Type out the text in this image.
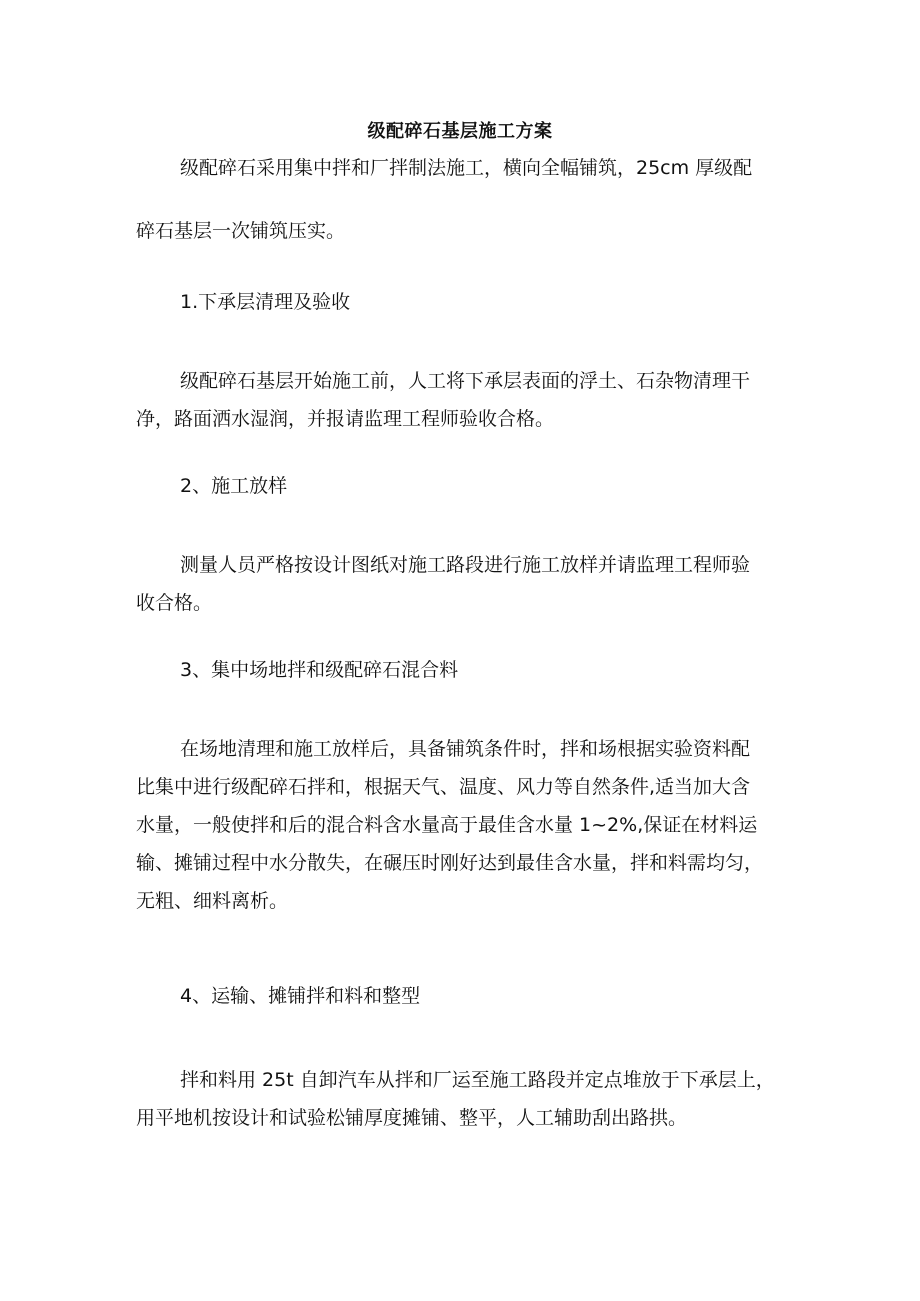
级配碎石基层施工方案
级配碎石采用集中拌和厂拌制法施工，横向全幅铺筑，25cm 厚级配
碎石基层一次铺筑压实。
1.下承层清理及验收
级配碎石基层开始施工前，人工将下承层表面的浮土、石杂物清理干
净，路面洒水湿润，并报请监理工程师验收合格。
2、施工放样
测量人员严格按设计图纸对施工路段进行施工放样并请监理工程师验
收合格。
3、集中场地拌和级配碎石混合料
在场地清理和施工放样后，具备铺筑条件时，拌和场根据实验资料配
比集中进行级配碎石拌和，根据天气、温度、风力等自然条件,适当加大含
水量，一般使拌和后的混合料含水量高于最佳含水量 1~2%,保证在材料运
输、摊铺过程中水分散失，在碾压时刚好达到最佳含水量，拌和料需均匀，
无粗、细料离析。
4、运输、摊铺拌和料和整型
拌和料用 25t 自卸汽车从拌和厂运至施工路段并定点堆放于下承层上，
用平地机按设计和试验松铺厚度摊铺、整平，人工辅助刮出路拱。
